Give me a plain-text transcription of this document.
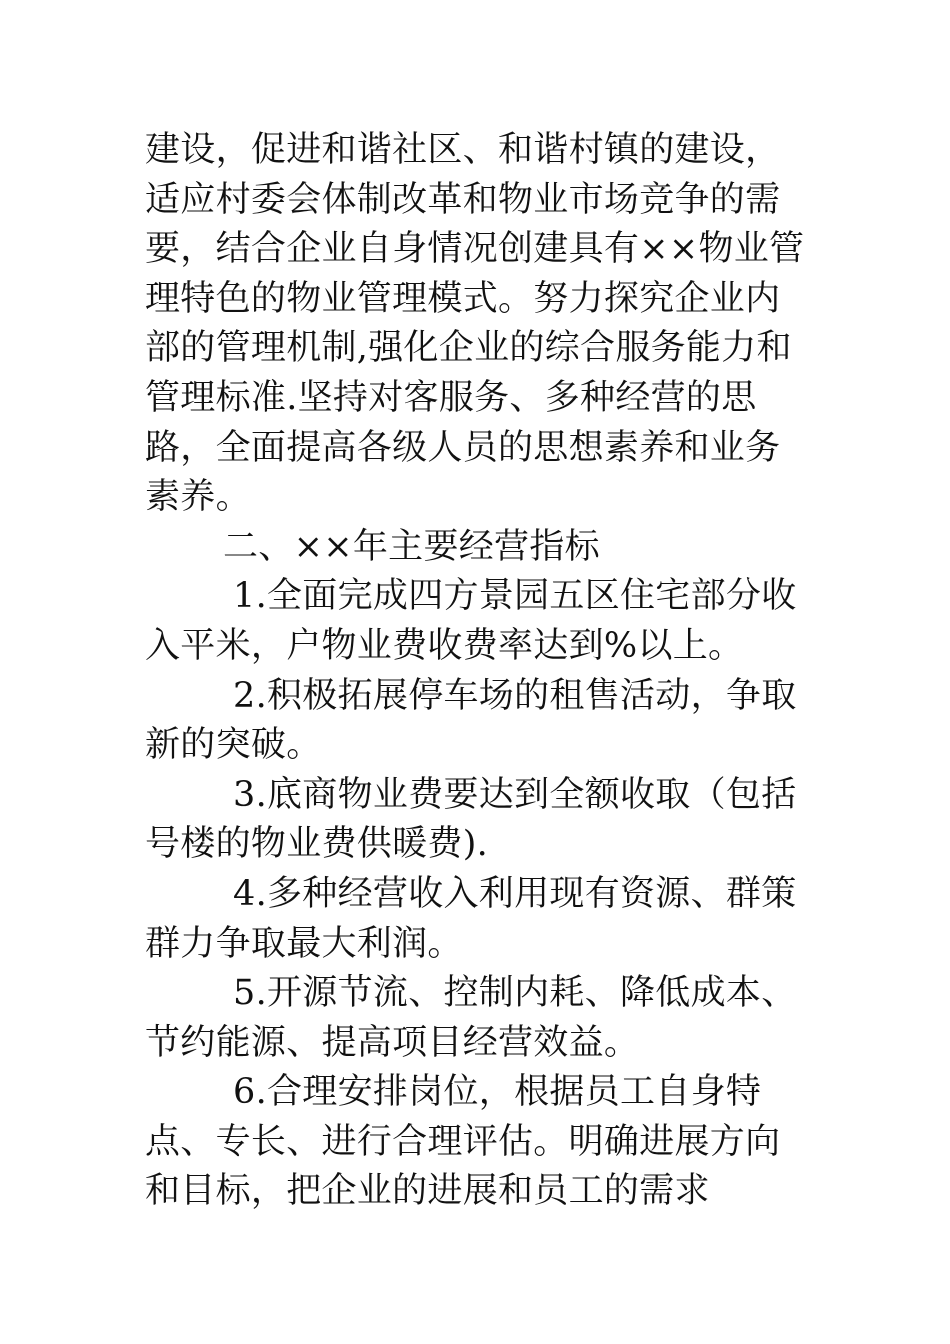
建设，促进和谐社区、和谐村镇的建设，适应村委会体制改革和物业市场竞争的需要，结合企业自身情况创建具有××物业管理特色的物业管理模式。努力探究企业内部的管理机制,强化企业的综合服务能力和管理标准.坚持对客服务、多种经营的思路，全面提高各级人员的思想素养和业务素养。

二、××年主要经营指标

1.全面完成四方景园五区住宅部分收入平米，户物业费收费率达到%以上。

2.积极拓展停车场的租售活动，争取新的突破。

3.底商物业费要达到全额收取（包括号楼的物业费供暖费).

4.多种经营收入利用现有资源、群策群力争取最大利润。

5.开源节流、控制内耗、降低成本、节约能源、提高项目经营效益。

6.合理安排岗位，根据员工自身特点、专长、进行合理评估。明确进展方向和目标，把企业的进展和员工的需求
